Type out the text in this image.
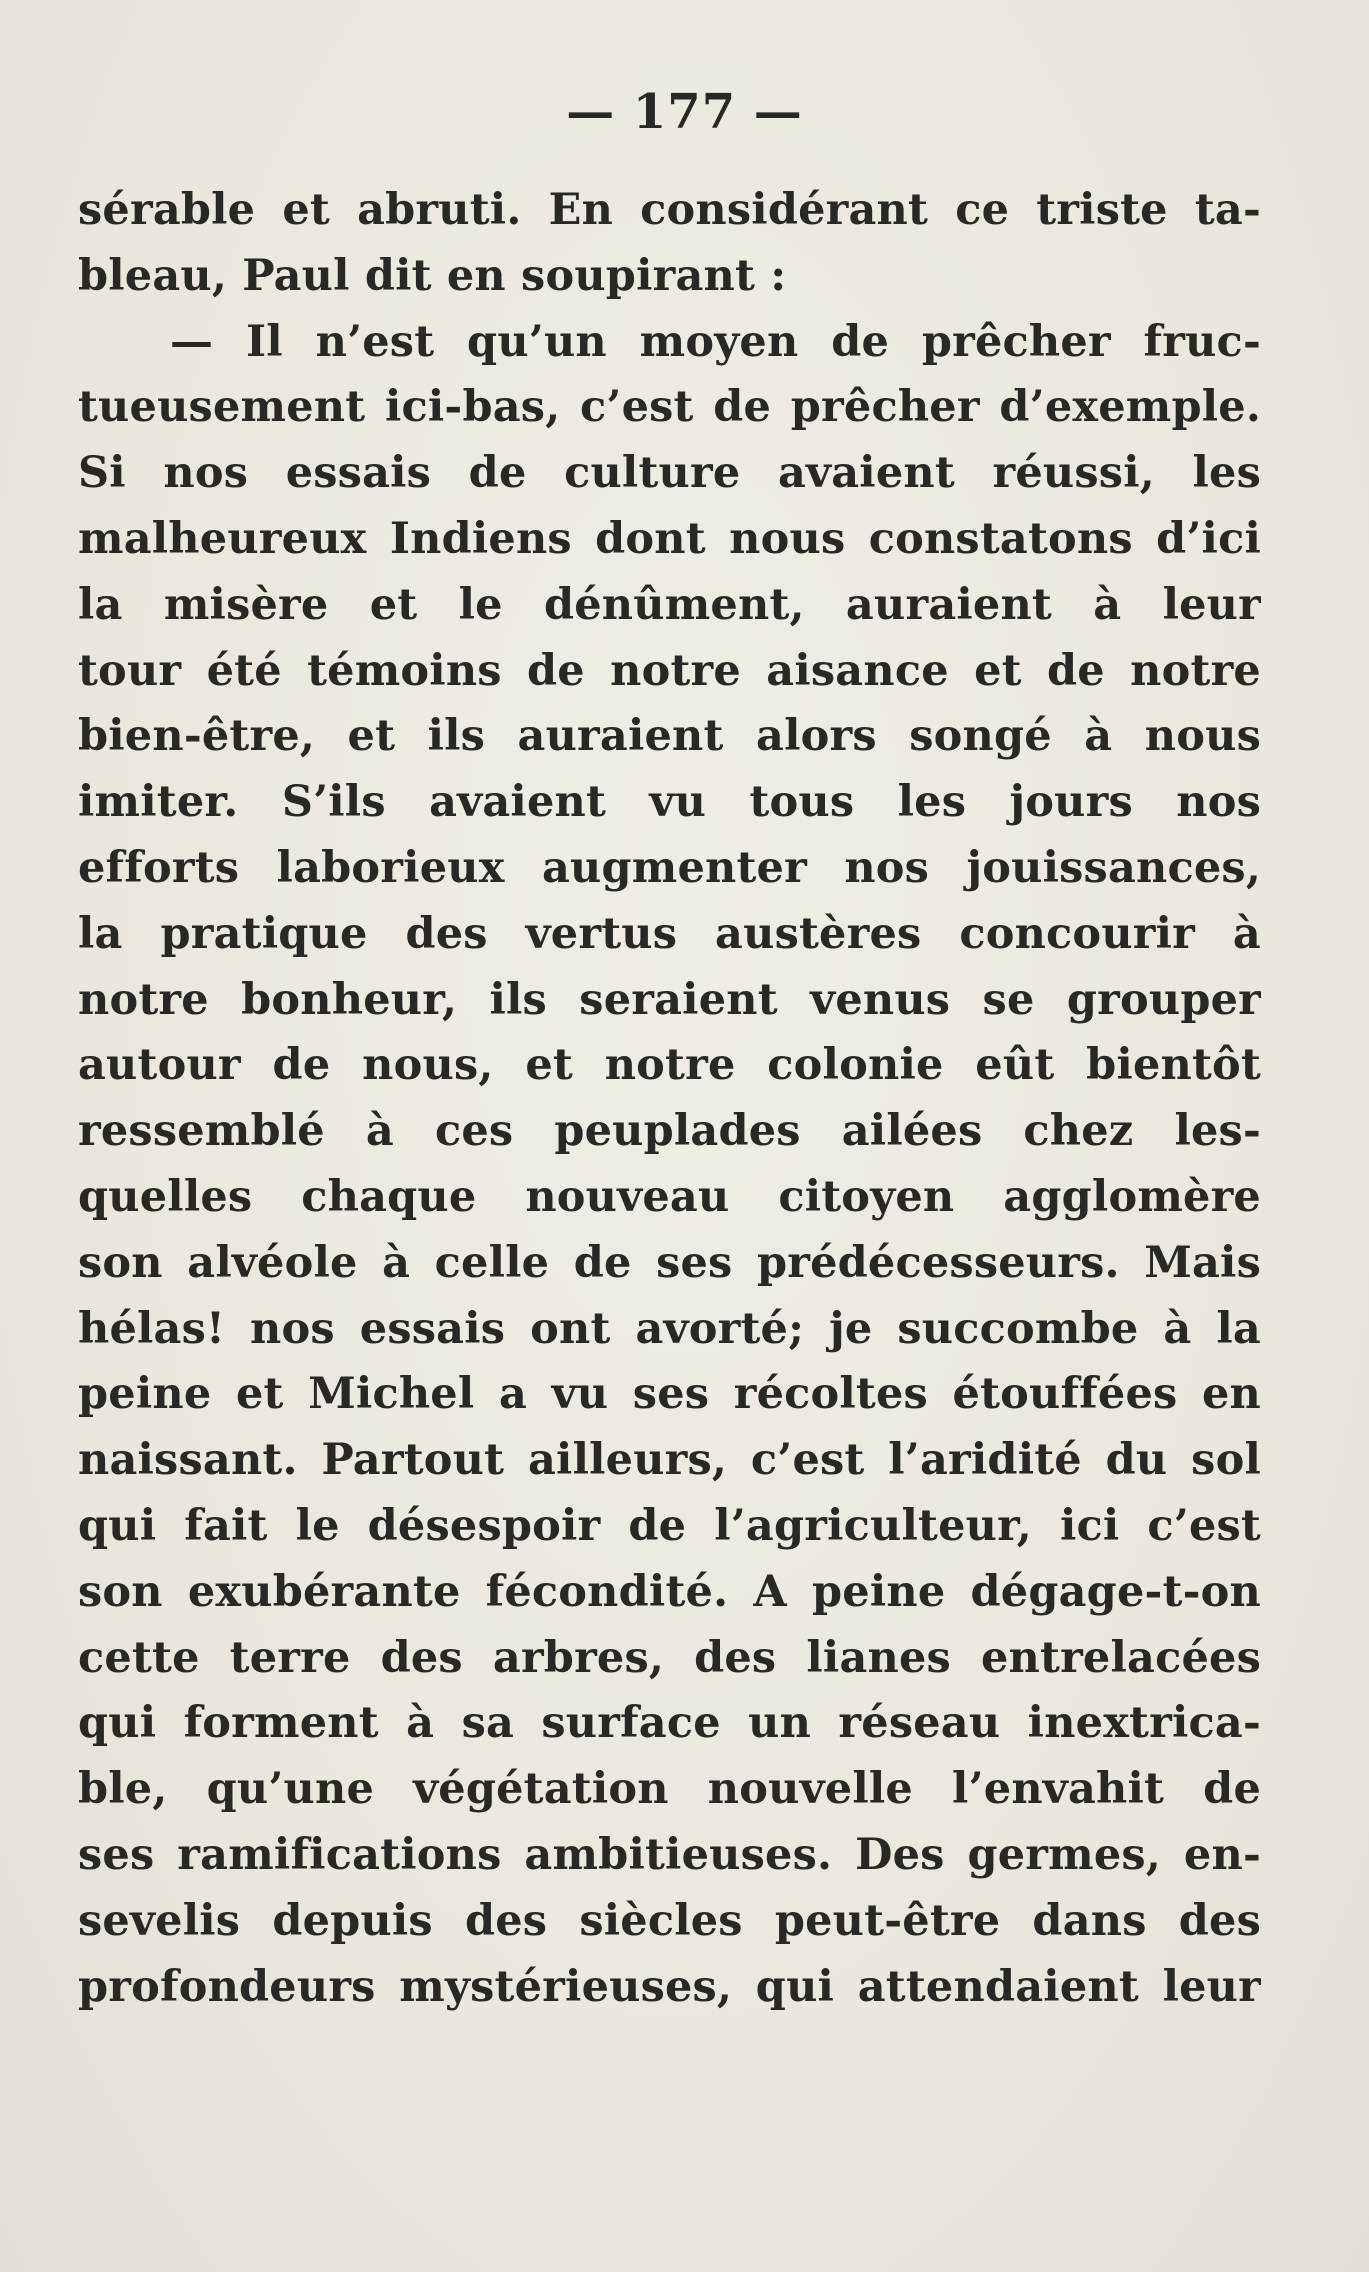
— 177 —
sérable et abruti. En considérant ce triste ta-
bleau, Paul dit en soupirant :
— Il n’est qu’un moyen de prêcher fruc-
tueusement ici-bas, c’est de prêcher d’exemple.
Si nos essais de culture avaient réussi, les
malheureux Indiens dont nous constatons d’ici
la misère et le dénûment, auraient à leur
tour été témoins de notre aisance et de notre
bien-être, et ils auraient alors songé à nous
imiter. S’ils avaient vu tous les jours nos
efforts laborieux augmenter nos jouissances,
la pratique des vertus austères concourir à
notre bonheur, ils seraient venus se grouper
autour de nous, et notre colonie eût bientôt
ressemblé à ces peuplades ailées chez les-
quelles chaque nouveau citoyen agglomère
son alvéole à celle de ses prédécesseurs. Mais
hélas! nos essais ont avorté; je succombe à la
peine et Michel a vu ses récoltes étouffées en
naissant. Partout ailleurs, c’est l’aridité du sol
qui fait le désespoir de l’agriculteur, ici c’est
son exubérante fécondité. A peine dégage-t-on
cette terre des arbres, des lianes entrelacées
qui forment à sa surface un réseau inextrica-
ble, qu’une végétation nouvelle l’envahit de
ses ramifications ambitieuses. Des germes, en-
sevelis depuis des siècles peut-être dans des
profondeurs mystérieuses, qui attendaient leur
